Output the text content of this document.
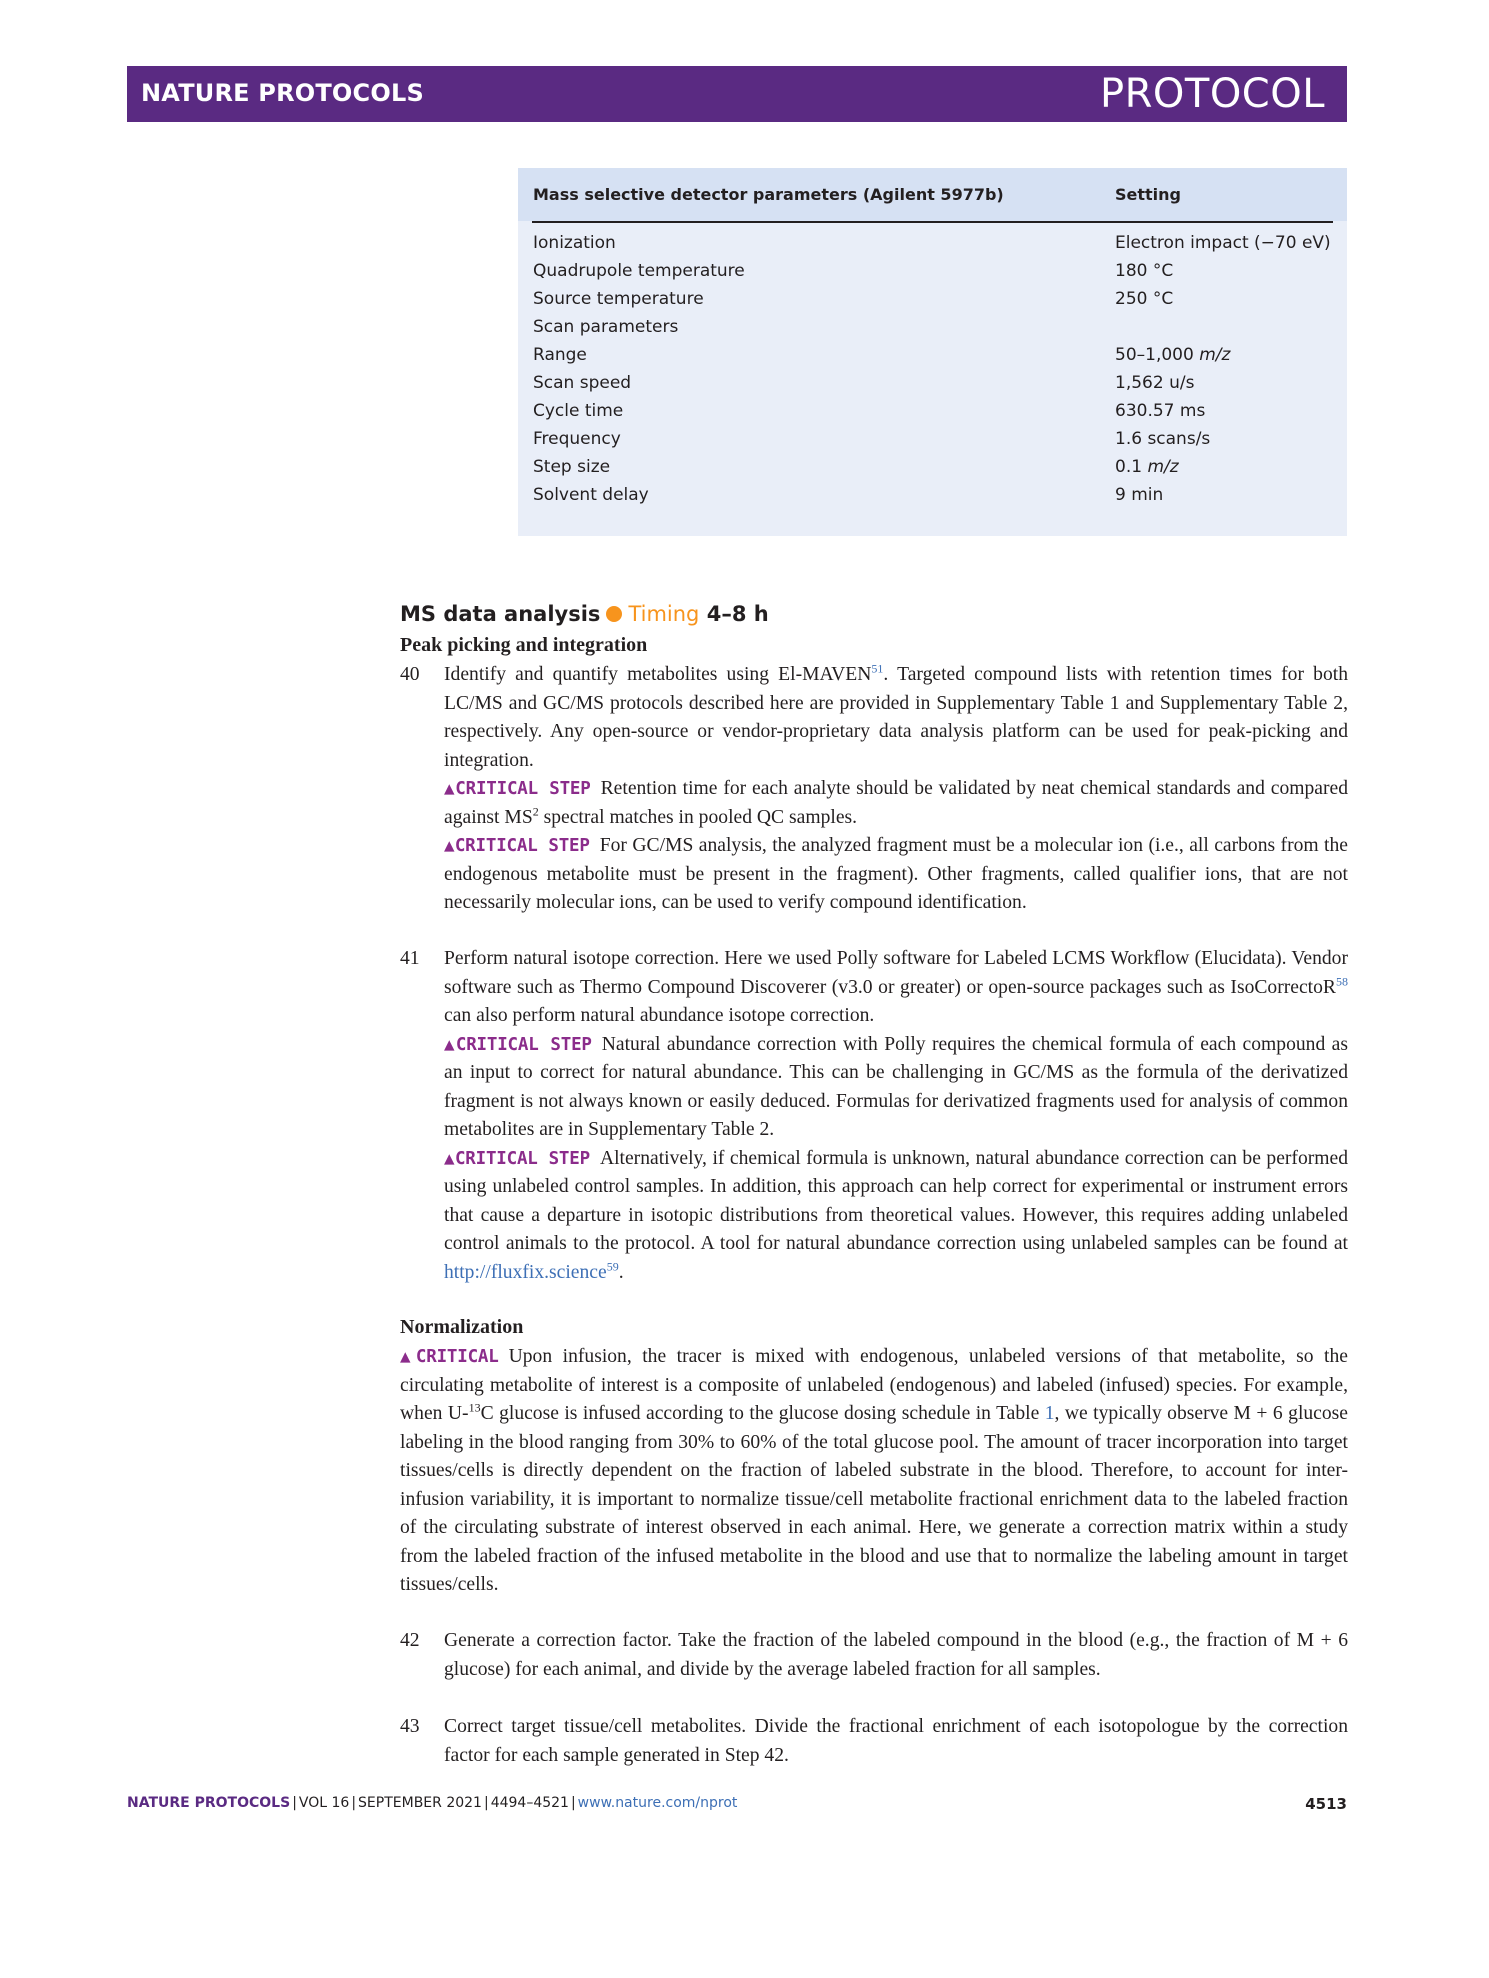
NATURE PROTOCOLS	PROTOCOL
Mass selective detector parameters (Agilent 5977b)	Setting
Ionization	Electron impact (−70 eV)
Quadrupole temperature	180 °C
Source temperature	250 °C
Scan parameters
Range	50–1,000 m/z
Scan speed	1,562 u/s
Cycle time	630.57 ms
Frequency	1.6 scans/s
Step size	0.1 m/z
Solvent delay	9 min
MS data analysis Timing 4–8 h
Peak picking and integration
40 Identify and quantify metabolites using El-MAVEN$^{51}$. Targeted compound lists with retention times for both LC/MS and GC/MS protocols described here are provided in Supplementary Table 1 and Supplementary Table 2, respectively. Any open-source or vendor-proprietary data analysis platform can be used for peak-picking and integration.

▲CRITICAL STEP Retention time for each analyte should be validated by neat chemical standards and compared against $MS^2$ spectral matches in pooled QC samples.

▲CRITICAL STEP For GC/MS analysis, the analyzed fragment must be a molecular ion (i.e., all carbons from the endogenous metabolite must be present in the fragment). Other fragments, called qualifier ions, that are not necessarily molecular ions, can be used to verify compound identification.

41 Perform natural isotope correction. Here we used Polly software for Labeled LCMS Workflow (Elucidata). Vendor software such as Thermo Compound Discoverer (v3.0 or greater) or open-source packages such as IsoCorrectoR$^{58}$ can also perform natural abundance isotope correction.

▲CRITICAL STEP Natural abundance correction with Polly requires the chemical formula of each compound as an input to correct for natural abundance. This can be challenging in GC/MS as the formula of the derivatized fragment is not always known or easily deduced. Formulas for derivatized fragments used for analysis of common metabolites are in Supplementary Table 2.

▲CRITICAL STEP Alternatively, if chemical formula is unknown, natural abundance correction can be performed using unlabeled control samples. In addition, this approach can help correct for experimental or instrument errors that cause a departure in isotopic distributions from theoretical values. However, this requires adding unlabeled control animals to the protocol. A tool for natural abundance correction using unlabeled samples can be found at http://fluxfix.science$^{59}$.

Normalization

▲CRITICAL Upon infusion, the tracer is mixed with endogenous, unlabeled versions of that metabolite, so the circulating metabolite of interest is a composite of unlabeled (endogenous) and labeled (infused) species. For example, when U-$^{13}$C glucose is infused according to the glucose dosing schedule in Table 1, we typically observe M + 6 glucose labeling in the blood ranging from 30% to 60% of the total glucose pool. The amount of tracer incorporation into target tissues/cells is directly dependent on the fraction of labeled substrate in the blood. Therefore, to account for inter-infusion variability, it is important to normalize tissue/cell metabolite fractional enrichment data to the labeled fraction of the circulating substrate of interest observed in each animal. Here, we generate a correction matrix within a study from the labeled fraction of the infused metabolite in the blood and use that to normalize the labeling amount in target tissues/cells.

42 Generate a correction factor. Take the fraction of the labeled compound in the blood (e.g., the fraction of M + 6 glucose) for each animal, and divide by the average labeled fraction for all samples.

43 Correct target tissue/cell metabolites. Divide the fractional enrichment of each isotopologue by the correction factor for each sample generated in Step 42.

NATURE PROTOCOLS | VOL 16 | SEPTEMBER 2021 | 4494–4521 | www.nature.com/nprot	4513
